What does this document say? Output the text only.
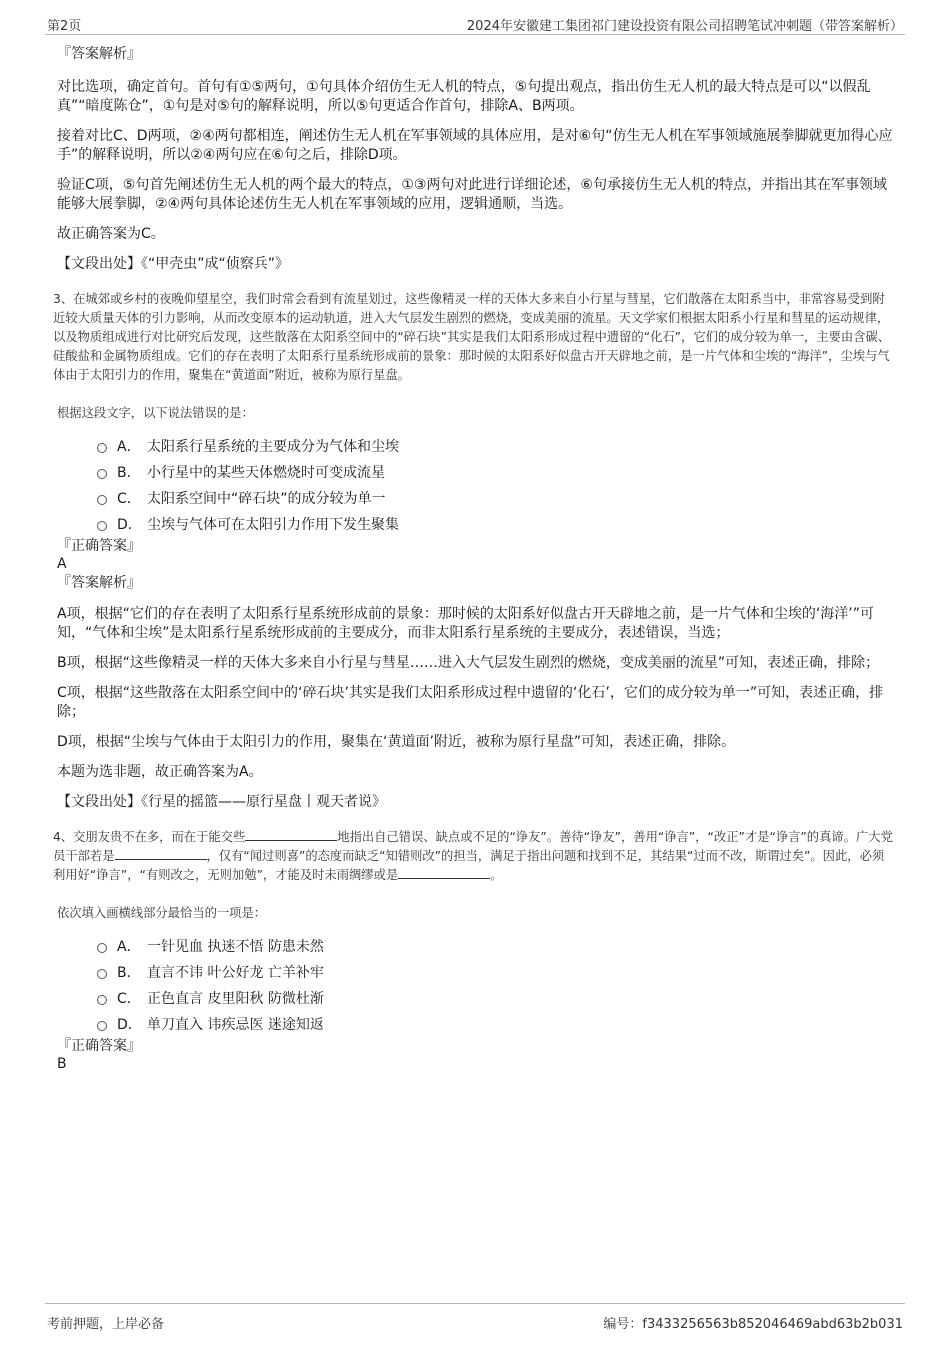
第2页	2024年安徽建工集团祁门建设投资有限公司招聘笔试冲刺题（带答案解析）

『答案解析』

对比选项，确定首句。首句有①⑤两句，①句具体介绍仿生无人机的特点，⑤句提出观点，指出仿生无人机的最大特点是可以“以假乱真”“暗度陈仓”，①句是对⑤句的解释说明，所以⑤句更适合作首句，排除A、B两项。

接着对比C、D两项，②④两句都相连，阐述仿生无人机在军事领域的具体应用，是对⑥句“仿生无人机在军事领域施展拳脚就更加得心应手”的解释说明，所以②④两句应在⑥句之后，排除D项。

验证C项，⑤句首先阐述仿生无人机的两个最大的特点，①③两句对此进行详细论述，⑥句承接仿生无人机的特点，并指出其在军事领域能够大展拳脚，②④两句具体论述仿生无人机在军事领域的应用，逻辑通顺，当选。

故正确答案为C。

【文段出处】《“甲壳虫”成“侦察兵”》

3、在城郊或乡村的夜晚仰望星空，我们时常会看到有流星划过，这些像精灵一样的天体大多来自小行星与彗星，它们散落在太阳系当中，非常容易受到附近较大质量天体的引力影响，从而改变原本的运动轨道，进入大气层发生剧烈的燃烧，变成美丽的流星。天文学家们根据太阳系小行星和彗星的运动规律，以及物质组成进行对比研究后发现，这些散落在太阳系空间中的“碎石块”其实是我们太阳系形成过程中遗留的“化石”，它们的成分较为单一，主要由含碳、硅酸盐和金属物质组成。它们的存在表明了太阳系行星系统形成前的景象：那时候的太阳系好似盘古开天辟地之前，是一片气体和尘埃的“海洋”，尘埃与气体由于太阳引力的作用，聚集在“黄道面”附近，被称为原行星盘。

根据这段文字，以下说法错误的是：

A． 太阳系行星系统的主要成分为气体和尘埃
B． 小行星中的某些天体燃烧时可变成流星
C． 太阳系空间中“碎石块”的成分较为单一
D． 尘埃与气体可在太阳引力作用下发生聚集

『正确答案』

A

『答案解析』

A项，根据“它们的存在表明了太阳系行星系统形成前的景象：那时候的太阳系好似盘古开天辟地之前，是一片气体和尘埃的‘海洋’”可知，“气体和尘埃”是太阳系行星系统形成前的主要成分，而非太阳系行星系统的主要成分，表述错误，当选；

B项，根据“这些像精灵一样的天体大多来自小行星与彗星……进入大气层发生剧烈的燃烧，变成美丽的流星”可知，表述正确，排除；

C项，根据“这些散落在太阳系空间中的‘碎石块’其实是我们太阳系形成过程中遗留的‘化石’，它们的成分较为单一”可知，表述正确，排除；

D项，根据“尘埃与气体由于太阳引力的作用，聚集在‘黄道面’附近，被称为原行星盘”可知，表述正确，排除。

本题为选非题，故正确答案为A。

【文段出处】《行星的摇篮——原行星盘丨观天者说》

4、交朋友贵不在多，而在于能交些	地指出自己错误、缺点或不足的“诤友”。善待“诤友”，善用“诤言”，“改正”才是“诤言”的真谛。广大党员干部若是	，仅有“闻过则喜”的态度而缺乏“知错则改”的担当，满足于指出问题和找到不足，其结果“过而不改，斯谓过矣”。因此，必须利用好“诤言”，“有则改之，无则加勉”，才能及时未雨绸缪或是	。

依次填入画横线部分最恰当的一项是：

A． 一针见血 执迷不悟 防患未然
B． 直言不讳 叶公好龙 亡羊补牢
C． 正色直言 皮里阳秋 防微杜渐
D． 单刀直入 讳疾忌医 迷途知返

『正确答案』

B

考前押题，上岸必备	编号：f3433256563b852046469abd63b2b031
